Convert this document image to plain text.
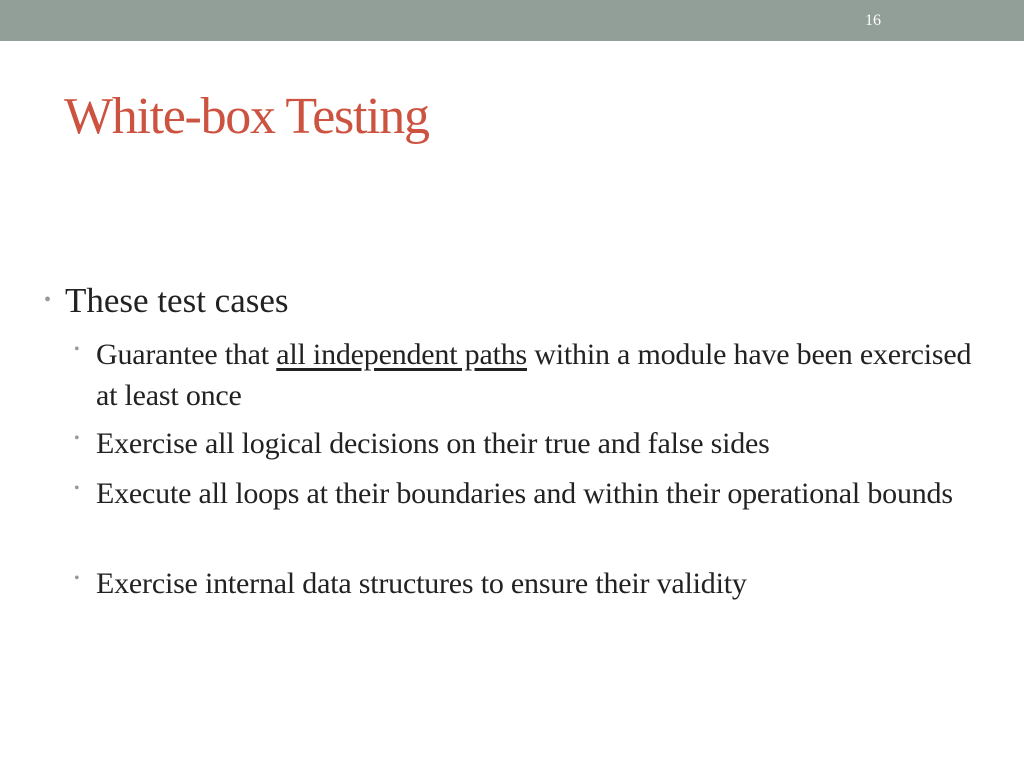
16
White-box Testing
• These test cases
• Guarantee that all independent paths within a module have been exercised at least once
• Exercise all logical decisions on their true and false sides
• Execute all loops at their boundaries and within their operational bounds
• Exercise internal data structures to ensure their validity
